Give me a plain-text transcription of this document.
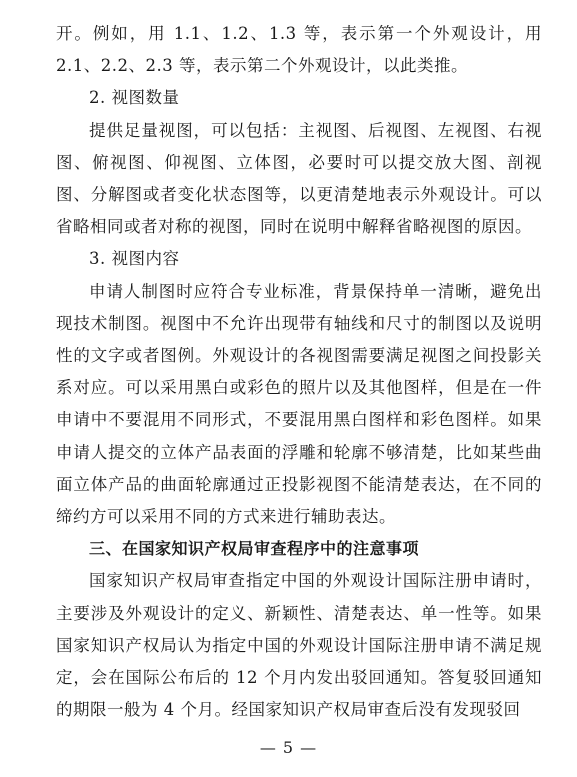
开。例如，用 1.1、1.2、1.3 等，表示第一个外观设计，用 2.1、2.2、2.3 等，表示第二个外观设计，以此类推。

2. 视图数量

提供足量视图，可以包括：主视图、后视图、左视图、右视图、俯视图、仰视图、立体图，必要时可以提交放大图、剖视图、分解图或者变化状态图等，以更清楚地表示外观设计。可以省略相同或者对称的视图，同时在说明中解释省略视图的原因。

3. 视图内容

申请人制图时应符合专业标准，背景保持单一清晰，避免出现技术制图。视图中不允许出现带有轴线和尺寸的制图以及说明性的文字或者图例。外观设计的各视图需要满足视图之间投影关系对应。可以采用黑白或彩色的照片以及其他图样，但是在一件申请中不要混用不同形式，不要混用黑白图样和彩色图样。如果申请人提交的立体产品表面的浮雕和轮廓不够清楚，比如某些曲面立体产品的曲面轮廓通过正投影视图不能清楚表达，在不同的缔约方可以采用不同的方式来进行辅助表达。

三、在国家知识产权局审查程序中的注意事项

国家知识产权局审查指定中国的外观设计国际注册申请时，主要涉及外观设计的定义、新颖性、清楚表达、单一性等。如果国家知识产权局认为指定中国的外观设计国际注册申请不满足规定，会在国际公布后的 12 个月内发出驳回通知。答复驳回通知的期限一般为 4 个月。经国家知识产权局审查后没有发现驳回

— 5 —
